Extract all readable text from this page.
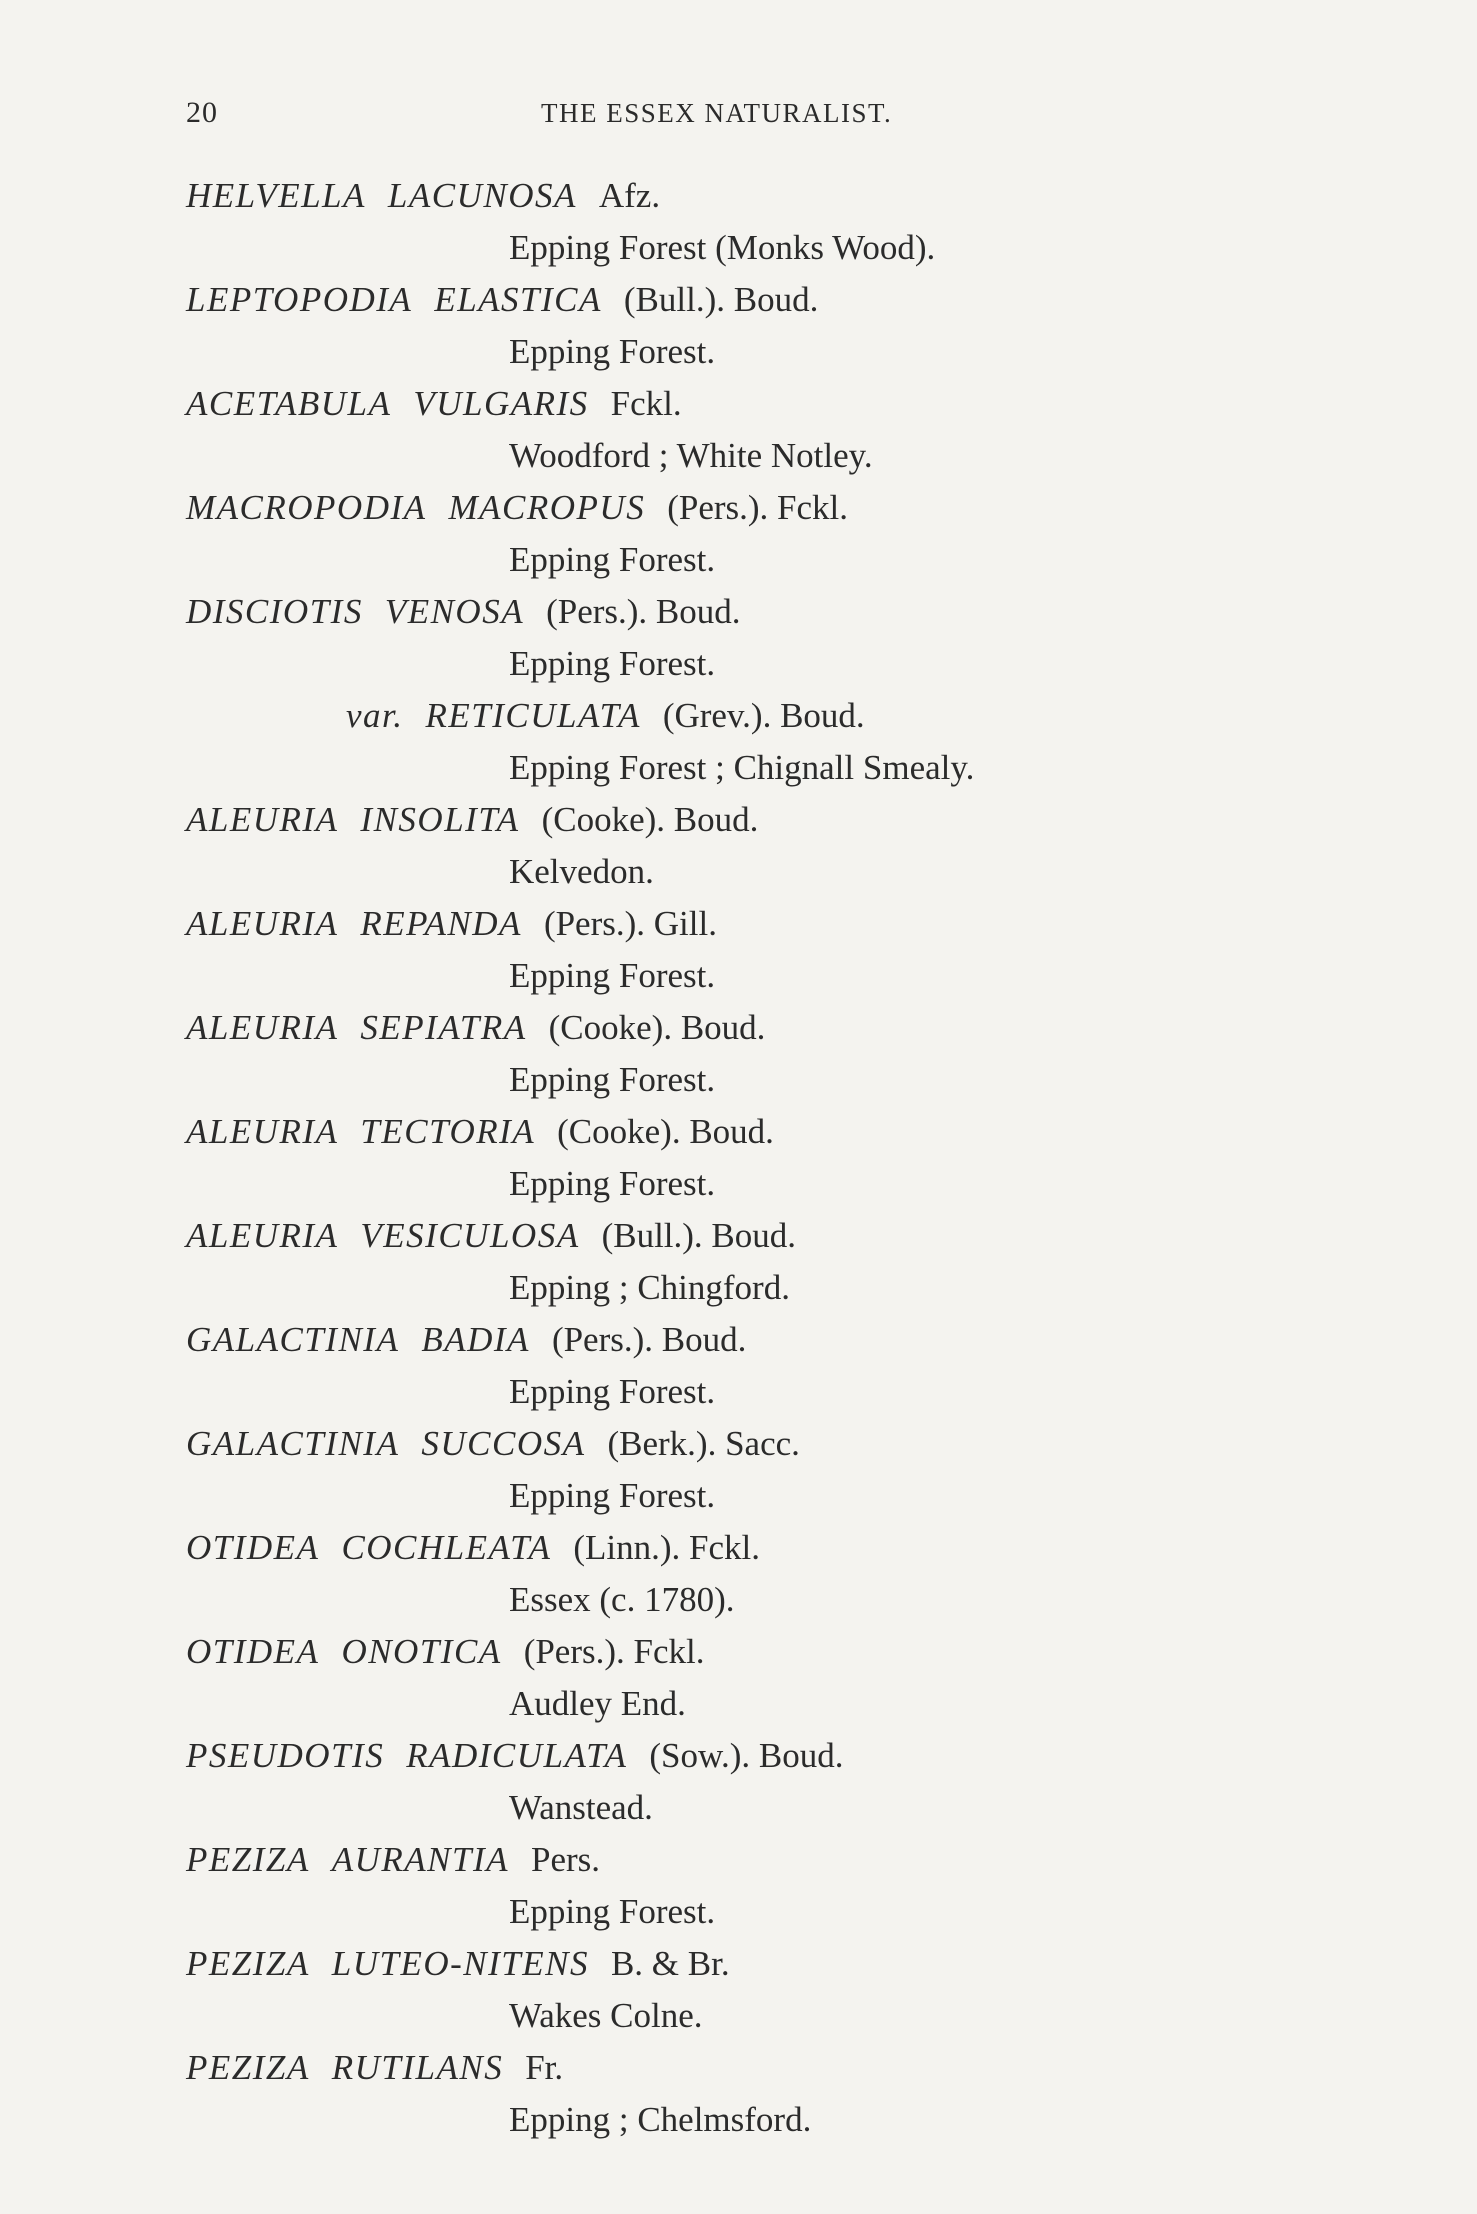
20	THE ESSEX NATURALIST.
HELVELLA LACUNOSA Afz.
Epping Forest (Monks Wood).
LEPTOPODIA ELASTICA (Bull.). Boud.
Epping Forest.
ACETABULA VULGARIS Fckl.
Woodford ; White Notley.
MACROPODIA MACROPUS (Pers.). Fckl.
Epping Forest.
DISCIOTIS VENOSA (Pers.). Boud.
Epping Forest.
var. RETICULATA (Grev.). Boud.
Epping Forest ; Chignall Smealy.
ALEURIA INSOLITA (Cooke). Boud.
Kelvedon.
ALEURIA REPANDA (Pers.). Gill.
Epping Forest.
ALEURIA SEPIATRA (Cooke). Boud.
Epping Forest.
ALEURIA TECTORIA (Cooke). Boud.
Epping Forest.
ALEURIA VESICULOSA (Bull.). Boud.
Epping ; Chingford.
GALACTINIA BADIA (Pers.). Boud.
Epping Forest.
GALACTINIA SUCCOSA (Berk.). Sacc.
Epping Forest.
OTIDEA COCHLEATA (Linn.). Fckl.
Essex (c. 1780).
OTIDEA ONOTICA (Pers.). Fckl.
Audley End.
PSEUDOTIS RADICULATA (Sow.). Boud.
Wanstead.
PEZIZA AURANTIA Pers.
Epping Forest.
PEZIZA LUTEO-NITENS B. & Br.
Wakes Colne.
PEZIZA RUTILANS Fr.
Epping ; Chelmsford.
